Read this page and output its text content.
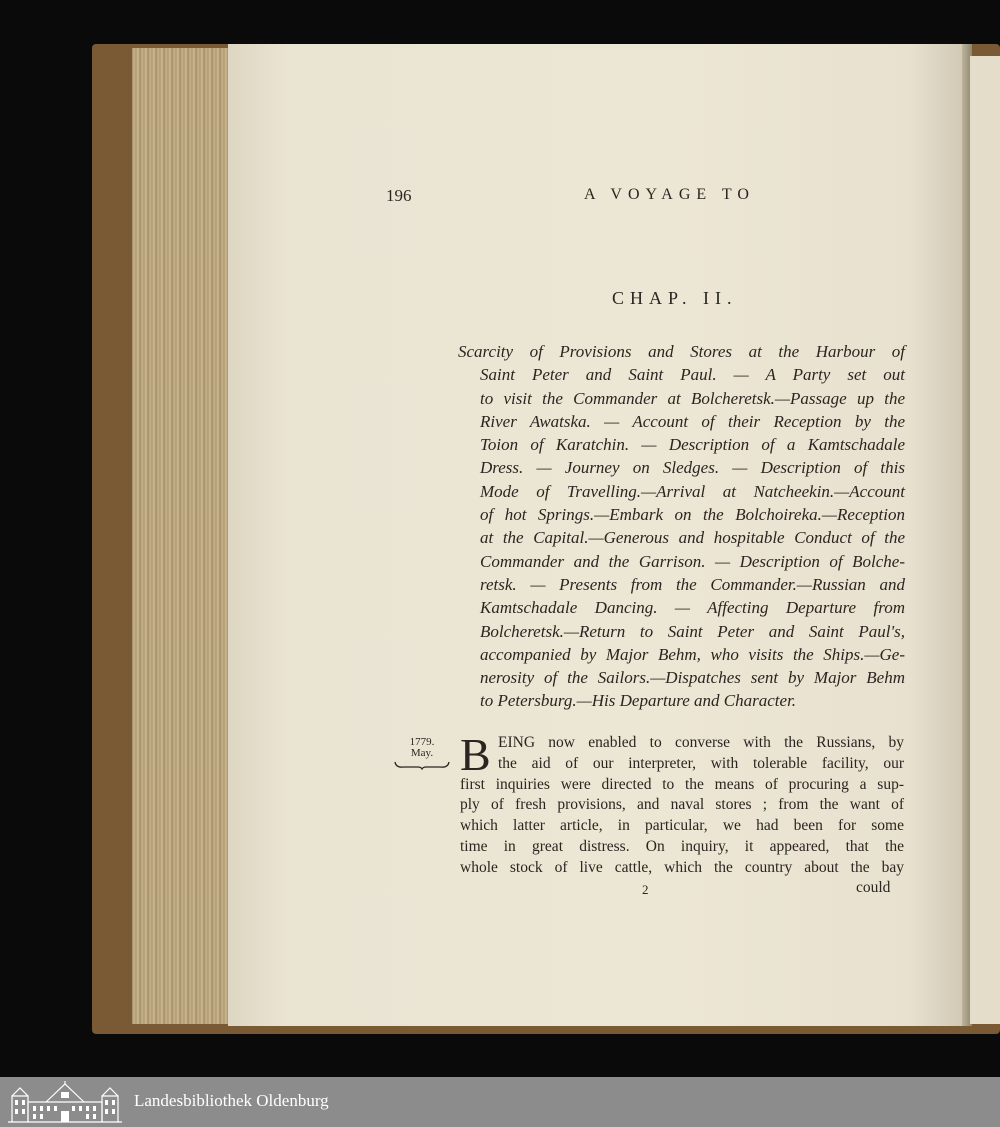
196	A VOYAGE TO
CHAP. II.
Scarcity of Provisions and Stores at the Harbour of
Saint Peter and Saint Paul. — A Party set out
to visit the Commander at Bolcheretsk.—Passage up the
River Awatska. — Account of their Reception by the
Toion of Karatchin. — Description of a Kamtschadale
Dress. — Journey on Sledges. — Description of this
Mode of Travelling.—Arrival at Natcheekin.—Account
of hot Springs.—Embark on the Bolchoireka.—Reception
at the Capital.—Generous and hospitable Conduct of the
Commander and the Garrison. — Description of Bolche-
retsk. — Presents from the Commander.—Russian and
Kamtschadale Dancing. — Affecting Departure from
Bolcheretsk.—Return to Saint Peter and Saint Paul's,
accompanied by Major Behm, who visits the Ships.—Ge-
nerosity of the Sailors.—Dispatches sent by Major Behm
to Petersburg.—His Departure and Character.
1779.
May. B EING now enabled to converse with the Russians, by
the aid of our interpreter, with tolerable facility, our
first inquiries were directed to the means of procuring a sup-
ply of fresh provisions, and naval stores ; from the want of
which latter article, in particular, we had been for some
time in great distress. On inquiry, it appeared, that the
whole stock of live cattle, which the country about the bay
2	could
Landesbibliothek Oldenburg
